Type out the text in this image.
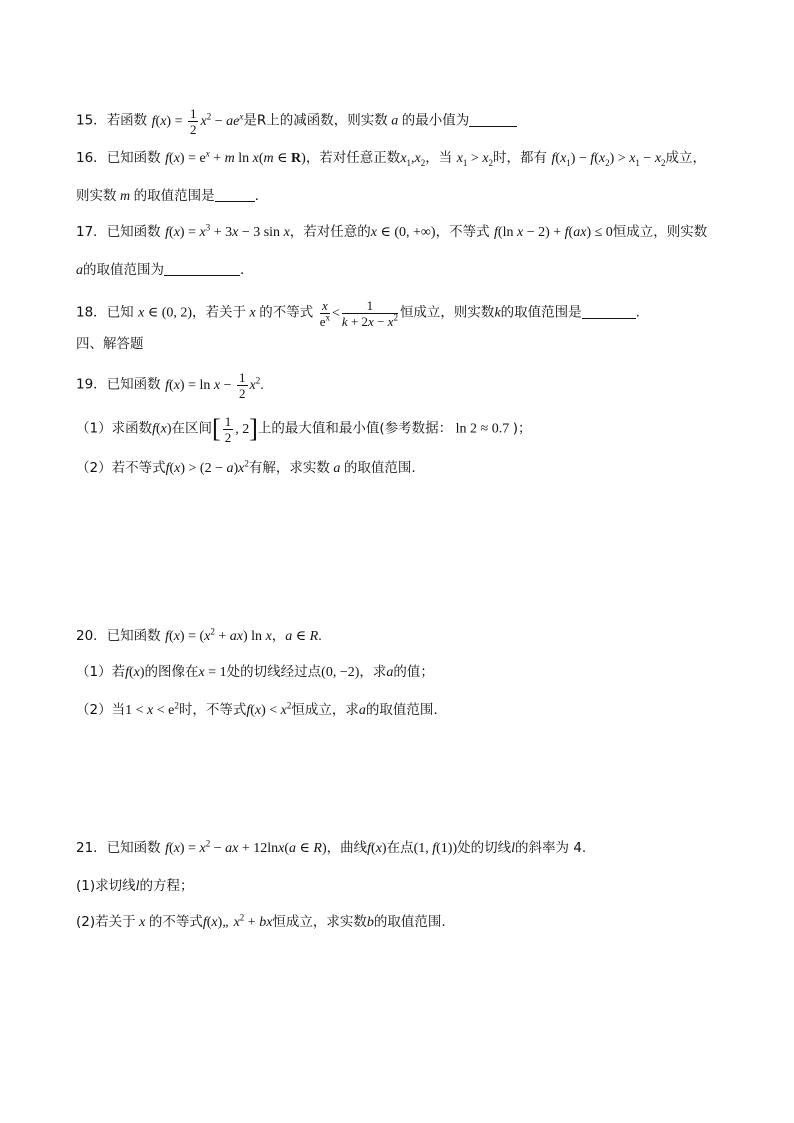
15．若函数 $f(x) = \frac{1}{2} x^2 - ae^x$是R上的减函数，则实数 a 的最小值为
16．已知函数 $f(x) = e^x + m$ ln x(m ∈ R)，若对任意正数$x_1,x_2$，当 $x_1 > x_2$时，都有 $f(x_1) - f(x_2) > x_1 - x_2$成立，
则实数 m 的取值范围是	.
17．已知函数 $f(x) = x^3 + 3x - 3$ sin x，若对任意的x ∈ (0, +∞)，不等式 f(ln x − 2) + f(ax) ≤ 0恒成立，则实数
a的取值范围为	.
18．已知 x ∈ (0, 2)，若关于 x 的不等式 $\frac{x}{e^x} < \frac{1}{k + 2x - x^2}$ 恒成立，则实数k的取值范围是	.
四、解答题
19．已知函数 $f(x) = \ln x - \frac{1}{2} x^2$.
（1）求函数f(x)在区间[ $\frac{1}{2}$ , 2]上的最大值和最小值(参考数据： ln 2 ≈ 0.7 )；
（2）若不等式$f(x) > (2 - a)x^2$有解，求实数 a 的取值范围.
20．已知函数 $f(x) = (x^2 + ax)$ ln x，a ∈ R.
（1）若f(x)的图像在x = 1处的切线经过点(0, −2)，求a的值；
（2）当$1 < x < e^2$时，不等式$f(x) < x^2$恒成立，求a的取值范围.
21．已知函数 $f(x) = x^2$ − ax + 12lnx(a ∈ R)，曲线f(x)在点(1, f(1))处的切线l的斜率为 4.
(1)求切线l的方程；
(2)若关于 x 的不等式f(x)„ $x^2$ + bx恒成立，求实数b的取值范围.
